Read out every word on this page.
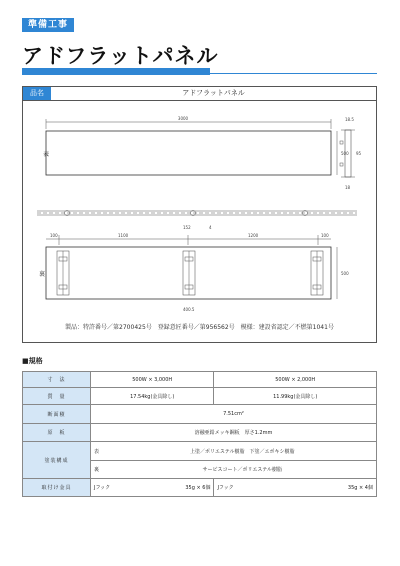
準備工事
アドフラットパネル
品名	アドフラットパネル
3000
表	500
18.5
95
18
152	4
100	1100	1200	100
裏	500
400.5
製品：特許番号／第2700425号　登録意匠番号／第956562号　模様：建設省認定／不燃第1041号
■規格
寸　法	500W × 3,000H		500W × 2,000H
質　量	17.54kg(金具除し)		11.99kg(金具除し)
断面積	7.51cm²		
原　板	溶融亜鉛メッキ鋼板　厚さ1.2mm		
塗装構成	表	上塗／ポリエステル樹脂　下塗／エポキシ樹脂	
	裏	サービスコート／ポリエステル樹脂	
取付け金具	Jフック 35g × 6個		Jフック 35g × 4個
